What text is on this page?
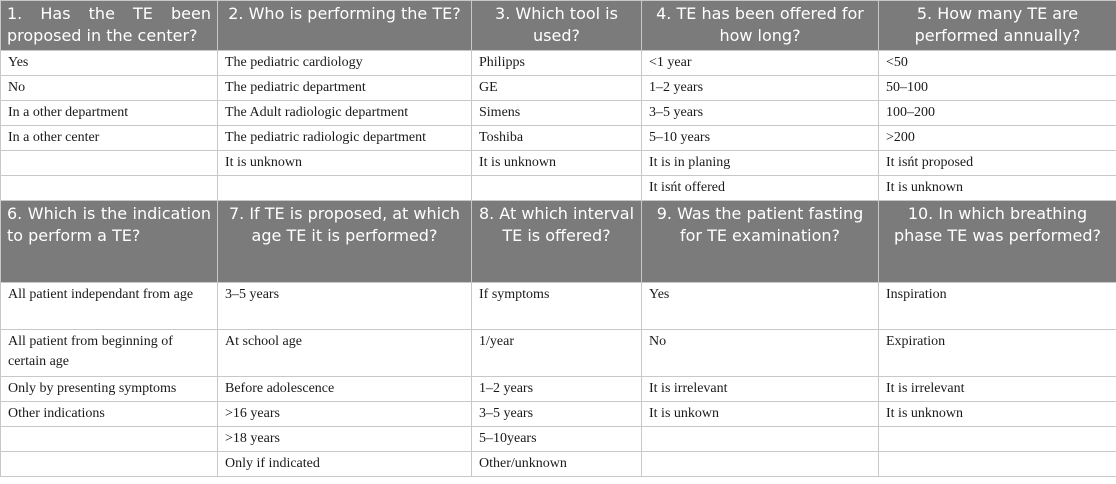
1. Has the TE been proposed in the center?	2. Who is performing the TE?	3. Which tool is used?	4. TE has been offered for how long?	5. How many TE are performed annually?
Yes	The pediatric cardiology	Philipps	<1 year	<50
No	The pediatric department	GE	1–2 years	50–100
In a other department	The Adult radiologic department	Simens	3–5 years	100–200
In a other center	The pediatric radiologic department	Toshiba	5–10 years	>200
	It is unknown	It is unknown	It is in planing	It isńt proposed
			It isńt offered	It is unknown
6. Which is the indication to perform a TE?	7. If TE is proposed, at which age TE it is performed?	8. At which interval TE is offered?	9. Was the patient fasting for TE examination?	10. In which breathing phase TE was performed?
All patient independant from age	3–5 years	If symptoms	Yes	Inspiration
All patient from beginning of certain age	At school age	1/year	No	Expiration
Only by presenting symptoms	Before adolescence	1–2 years	It is irrelevant	It is irrelevant
Other indications	>16 years	3–5 years	It is unkown	It is unknown
	>18 years	5–10years		
	Only if indicated	Other/unknown		
